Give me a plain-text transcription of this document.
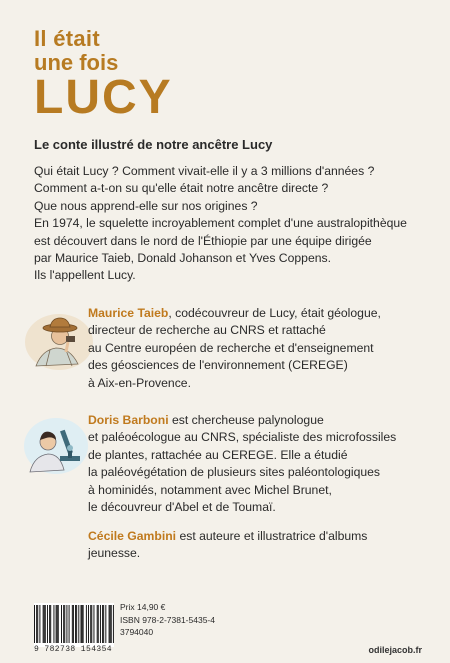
Il était
une fois
LUCY
Le conte illustré de notre ancêtre Lucy
Qui était Lucy ? Comment vivait-elle il y a 3 millions d'années ?
Comment a-t-on su qu'elle était notre ancêtre directe ?
Que nous apprend-elle sur nos origines ?
En 1974, le squelette incroyablement complet d'une australopithèque
est découvert dans le nord de l'Éthiopie par une équipe dirigée
par Maurice Taieb, Donald Johanson et Yves Coppens.
Ils l'appellent Lucy.
Maurice Taieb, codécouvreur de Lucy, était géologue,
directeur de recherche au CNRS et rattaché
au Centre européen de recherche et d'enseignement
des géosciences de l'environnement (CEREGE)
à Aix-en-Provence.
Doris Barboni est chercheuse palynologue
et paléoécologue au CNRS, spécialiste des microfossiles
de plantes, rattachée au CEREGE. Elle a étudié
la paléovégétation de plusieurs sites paléontologiques
à hominidés, notamment avec Michel Brunet,
le découvreur d'Abel et de Toumaï.
Cécile Gambini est auteure et illustratrice d'albums
jeunesse.
9 782738 154354
Prix 14,90 €
ISBN 978-2-7381-5435-4
3794040
odilejacob.fr
